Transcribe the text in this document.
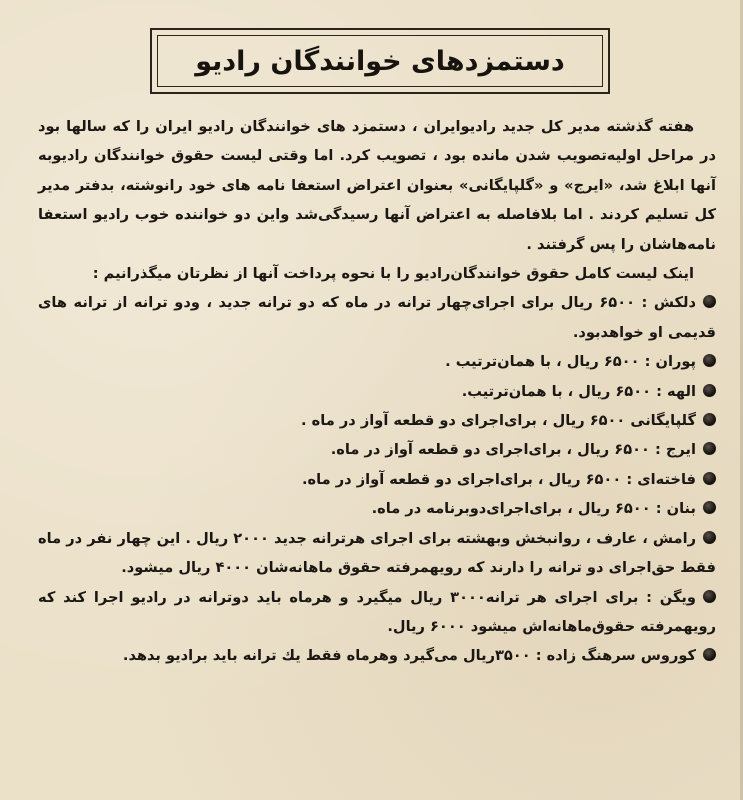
دستمزدهای خوانندگان رادیو

هفته گذشته مدیر کل جدید رادیوایران ، دستمزد های خوانندگان رادیو ایران را که سالها بود در مراحل اولیه‌تصویب شدن مانده بود ، تصویب کرد. اما وقتی لیست حقوق خوانندگان رادیوبه آنها ابلاغ شد، «ایرج» و «گلپایگانی» بعنوان اعتراض استعفا نامه های خود رانوشته، بدفتر مدیر کل تسلیم کردند . اما بلافاصله به اعتراض آنها رسیدگی‌شد واین دو خواننده خوب رادیو استعفا نامه‌هاشان را پس گرفتند .

اینک لیست کامل حقوق خوانندگان‌رادیو را با نحوه پرداخت آنها از نظرتان میگذرانیم :

دلکش : ۶۵۰۰ ریال برای اجرای‌چهار ترانه در ماه که دو ترانه جدید ، ودو ترانه از ترانه های قدیمی او خواهدبود.

پوران : ۶۵۰۰ ریال ، با همان‌ترتیب .

الهه : ۶۵۰۰ ریال ، با همان‌ترتیب.

گلپایگانی ۶۵۰۰ ریال ، برای‌اجرای دو قطعه آواز در ماه .

ایرج : ۶۵۰۰ ریال ، برای‌اجرای دو قطعه آواز در ماه.

فاخته‌ای : ۶۵۰۰ ریال ، برای‌اجرای دو قطعه آواز در ماه.

بنان : ۶۵۰۰ ریال ، برای‌اجرای‌دوبرنامه در ماه.

رامش ، عارف ، روانبخش وبهشته برای اجرای هرترانه جدید ۲۰۰۰ ریال . این چهار نفر در ماه فقط حق‌اجرای دو ترانه را دارند که رویهمرفته حقوق ماهانه‌شان ۴۰۰۰ ریال میشود.

ویگن : برای اجرای هر ترانه۳۰۰۰ ریال میگیرد و هرماه باید دوترانه در رادیو اجرا کند که رویهمرفته حقوق‌ماهانه‌اش میشود ۶۰۰۰ ریال.

کوروس سرهنگ زاده : ۳۵۰۰ریال می‌گیرد وهرماه فقط یك ترانه باید برادیو بدهد.
